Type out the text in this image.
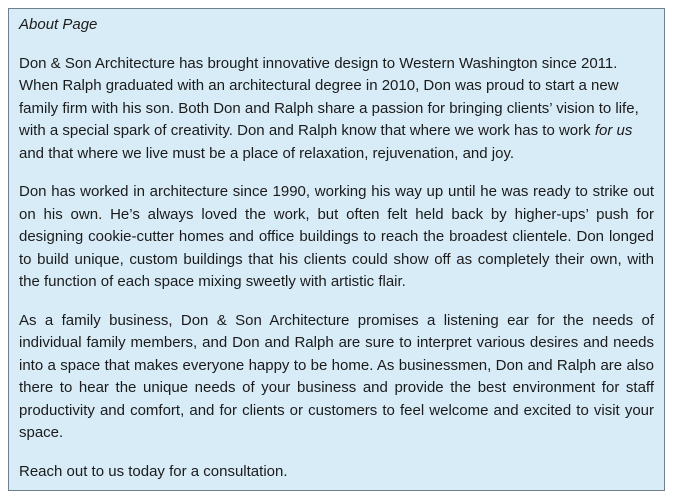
About Page

Don & Son Architecture has brought innovative design to Western Washington since 2011. When Ralph graduated with an architectural degree in 2010, Don was proud to start a new family firm with his son. Both Don and Ralph share a passion for bringing clients’ vision to life, with a special spark of creativity. Don and Ralph know that where we work has to work for us and that where we live must be a place of relaxation, rejuvenation, and joy.

Don has worked in architecture since 1990, working his way up until he was ready to strike out on his own. He’s always loved the work, but often felt held back by higher-ups’ push for designing cookie-cutter homes and office buildings to reach the broadest clientele. Don longed to build unique, custom buildings that his clients could show off as completely their own, with the function of each space mixing sweetly with artistic flair.

As a family business, Don & Son Architecture promises a listening ear for the needs of individual family members, and Don and Ralph are sure to interpret various desires and needs into a space that makes everyone happy to be home. As businessmen, Don and Ralph are also there to hear the unique needs of your business and provide the best environment for staff productivity and comfort, and for clients or customers to feel welcome and excited to visit your space.

Reach out to us today for a consultation.
